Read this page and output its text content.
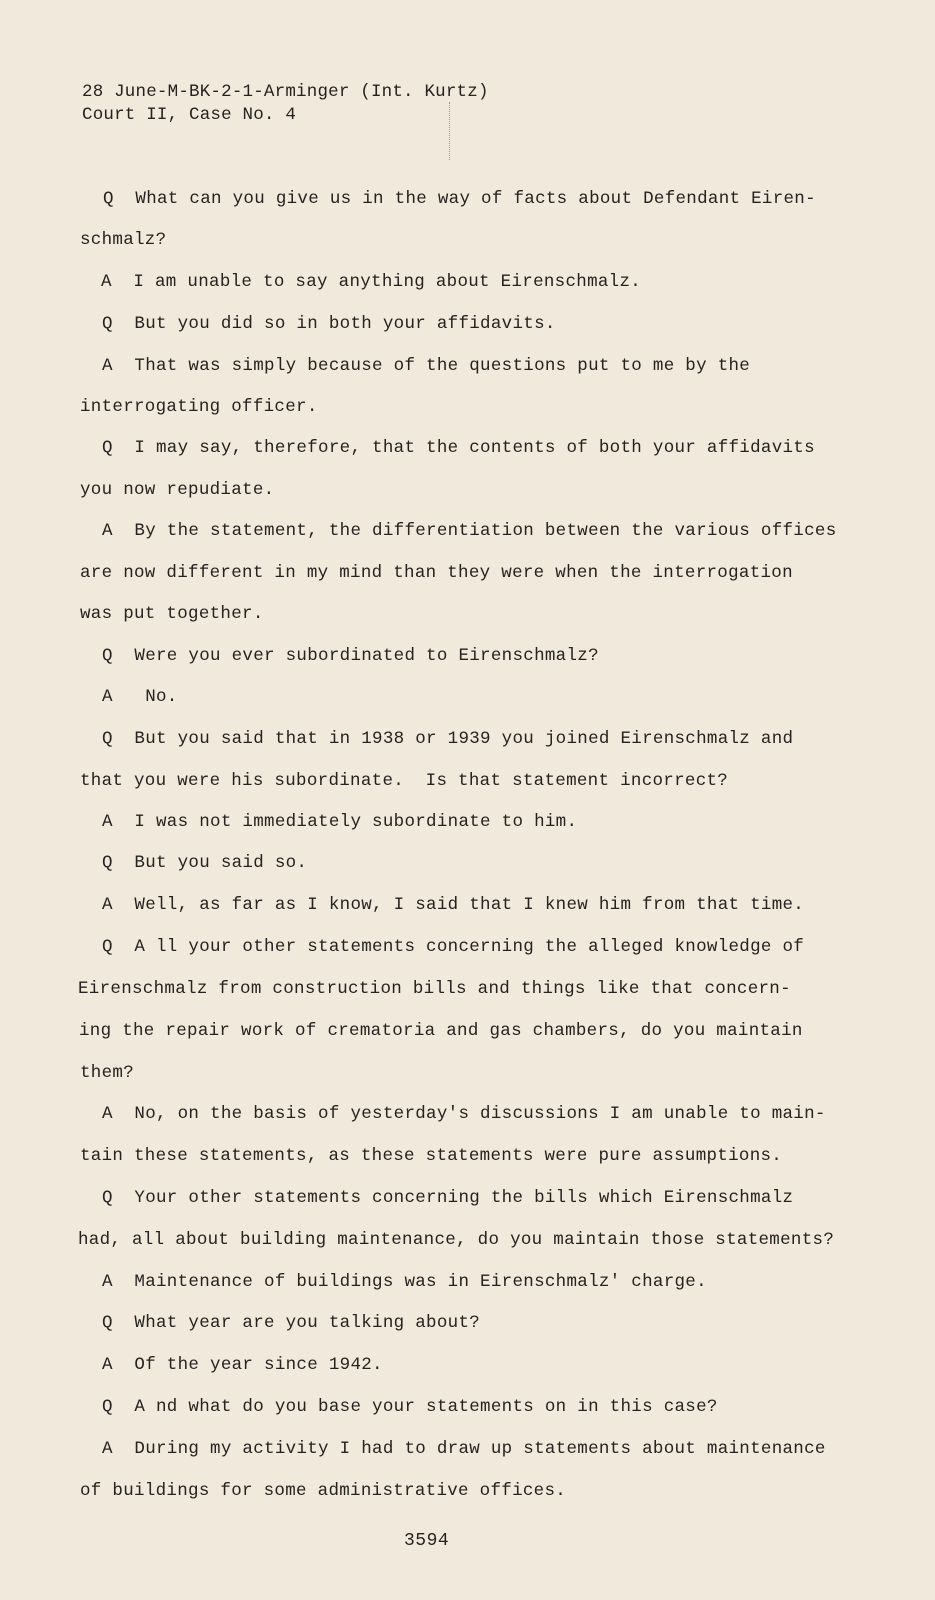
28 June-M-BK-2-1-Arminger (Int. Kurtz)
Court II, Case No. 4
Q  What can you give us in the way of facts about Defendant Eiren-
schmalz?
A  I am unable to say anything about Eirenschmalz.
Q  But you did so in both your affidavits.
A  That was simply because of the questions put to me by the
interrogating officer.
Q  I may say, therefore, that the contents of both your affidavits
you now repudiate.
A  By the statement, the differentiation between the various offices
are now different in my mind than they were when the interrogation
was put together.
Q  Were you ever subordinated to Eirenschmalz?
A   No.
Q  But you said that in 1938 or 1939 you joined Eirenschmalz and
that you were his subordinate.  Is that statement incorrect?
A  I was not immediately subordinate to him.
Q  But you said so.
A  Well, as far as I know, I said that I knew him from that time.
Q  A ll your other statements concerning the alleged knowledge of
Eirenschmalz from construction bills and things like that concern-
ing the repair work of crematoria and gas chambers, do you maintain
them?
A  No, on the basis of yesterday's discussions I am unable to main-
tain these statements, as these statements were pure assumptions.
Q  Your other statements concerning the bills which Eirenschmalz
had, all about building maintenance, do you maintain those statements?
A  Maintenance of buildings was in Eirenschmalz' charge.
Q  What year are you talking about?
A  Of the year since 1942.
Q  A nd what do you base your statements on in this case?
A  During my activity I had to draw up statements about maintenance
of buildings for some administrative offices.
3594
